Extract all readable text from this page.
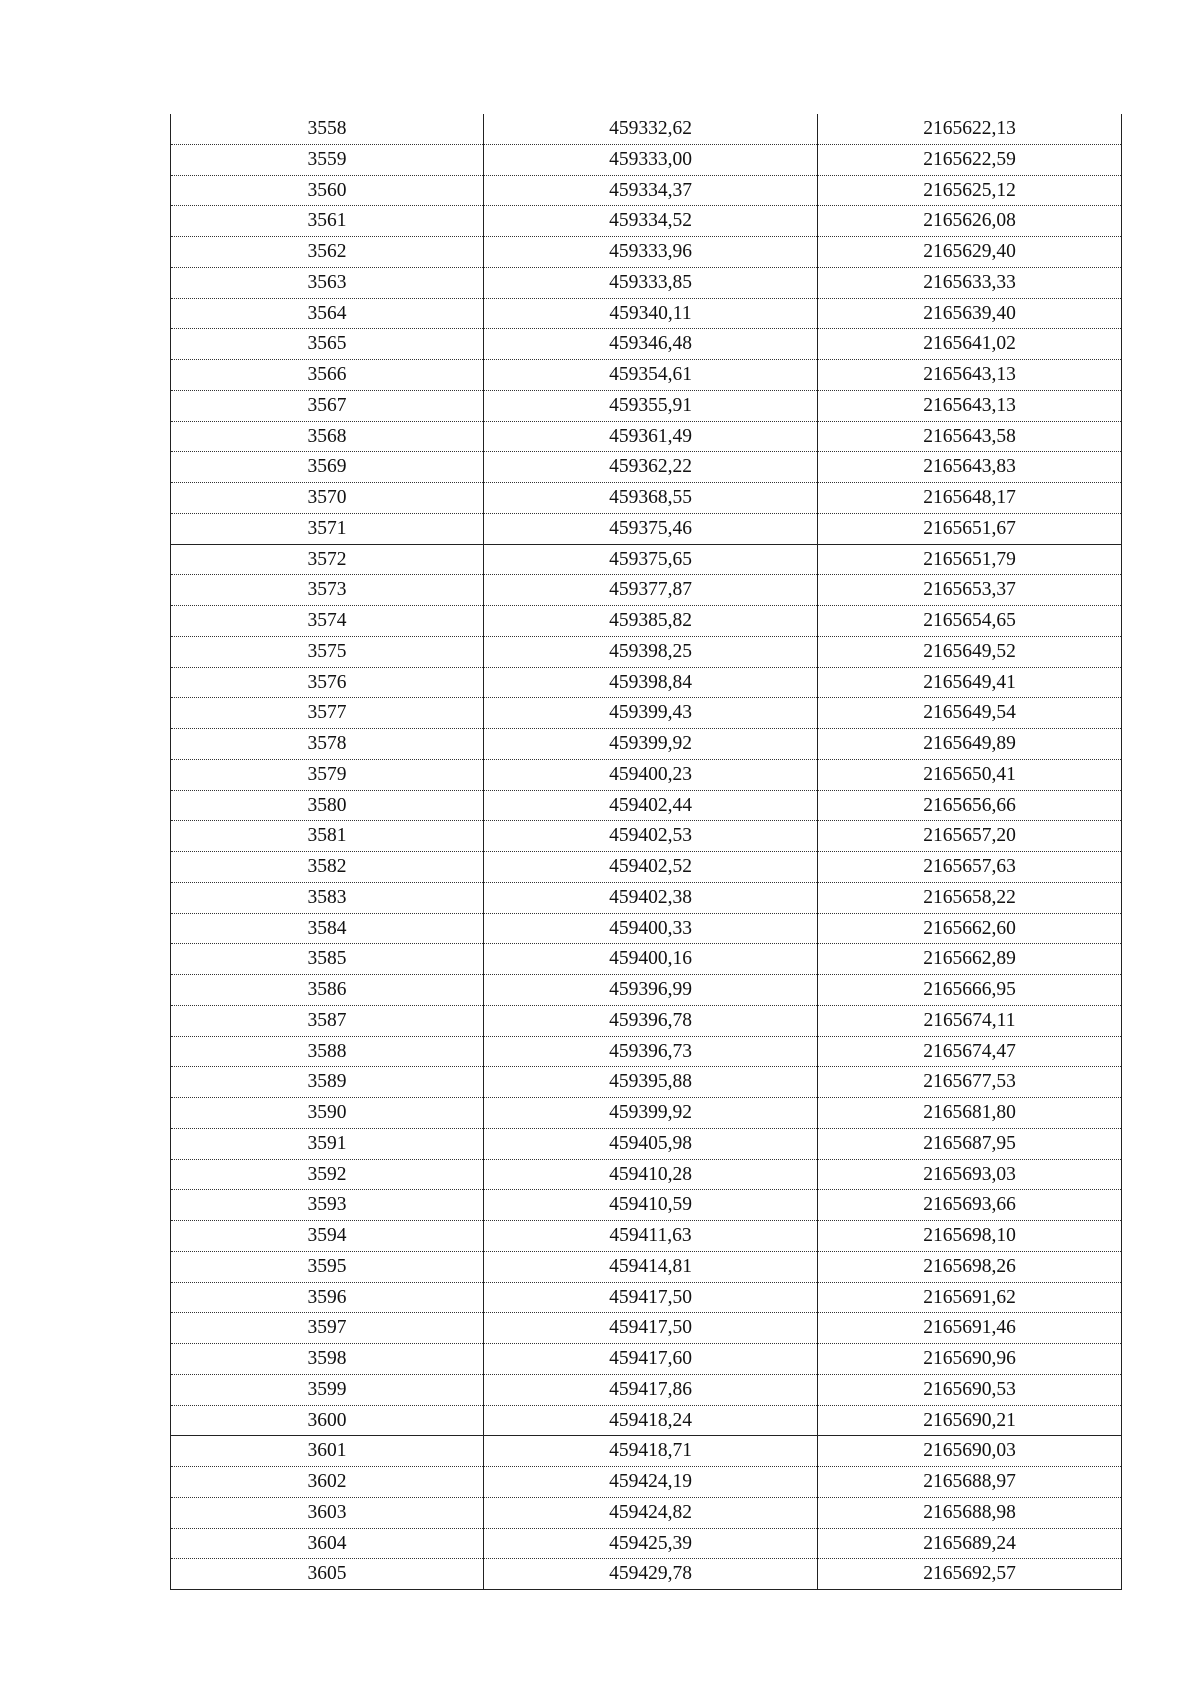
3558	459332,62	2165622,13
3559	459333,00	2165622,59
3560	459334,37	2165625,12
3561	459334,52	2165626,08
3562	459333,96	2165629,40
3563	459333,85	2165633,33
3564	459340,11	2165639,40
3565	459346,48	2165641,02
3566	459354,61	2165643,13
3567	459355,91	2165643,13
3568	459361,49	2165643,58
3569	459362,22	2165643,83
3570	459368,55	2165648,17
3571	459375,46	2165651,67
3572	459375,65	2165651,79
3573	459377,87	2165653,37
3574	459385,82	2165654,65
3575	459398,25	2165649,52
3576	459398,84	2165649,41
3577	459399,43	2165649,54
3578	459399,92	2165649,89
3579	459400,23	2165650,41
3580	459402,44	2165656,66
3581	459402,53	2165657,20
3582	459402,52	2165657,63
3583	459402,38	2165658,22
3584	459400,33	2165662,60
3585	459400,16	2165662,89
3586	459396,99	2165666,95
3587	459396,78	2165674,11
3588	459396,73	2165674,47
3589	459395,88	2165677,53
3590	459399,92	2165681,80
3591	459405,98	2165687,95
3592	459410,28	2165693,03
3593	459410,59	2165693,66
3594	459411,63	2165698,10
3595	459414,81	2165698,26
3596	459417,50	2165691,62
3597	459417,50	2165691,46
3598	459417,60	2165690,96
3599	459417,86	2165690,53
3600	459418,24	2165690,21
3601	459418,71	2165690,03
3602	459424,19	2165688,97
3603	459424,82	2165688,98
3604	459425,39	2165689,24
3605	459429,78	2165692,57
